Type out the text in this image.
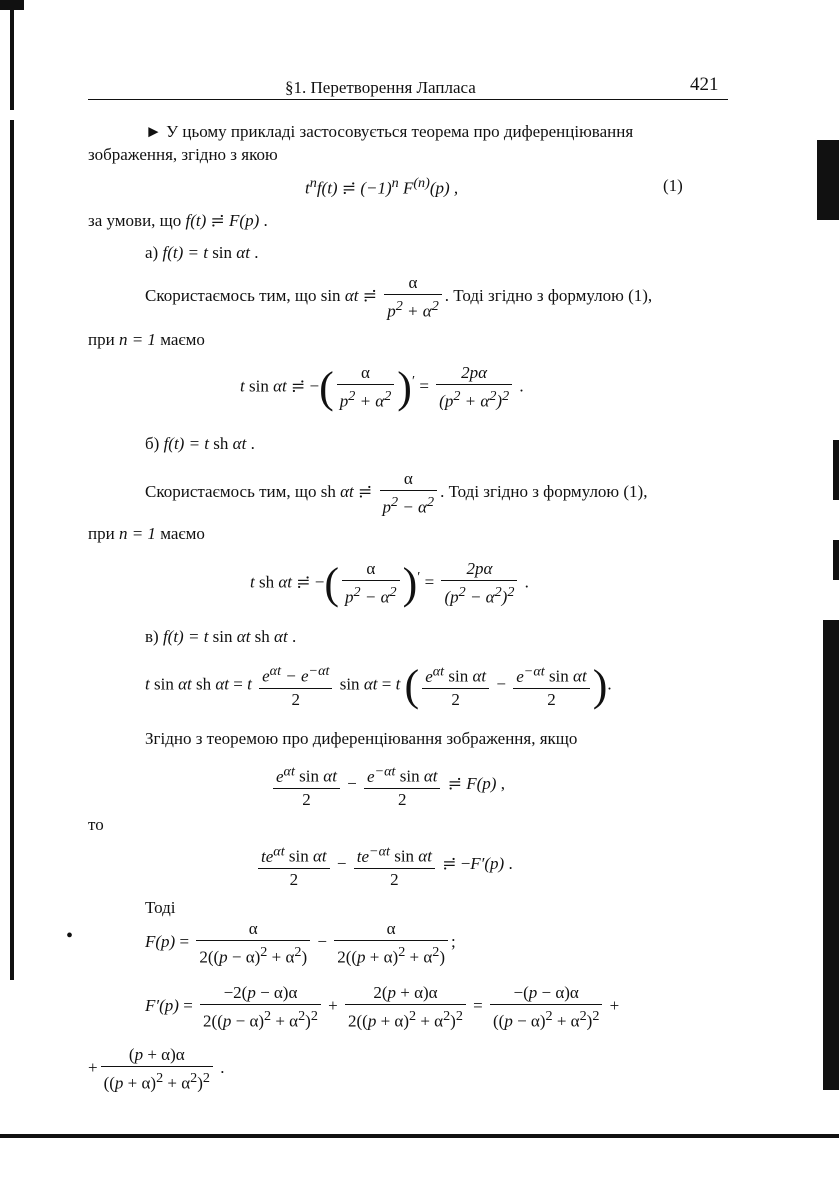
§1. Перетворення Лапласа	421
► У цьому прикладі застосовується теорема про диференціювання
зображення, згідно з якою
$t^nf(t)$ ≓ $(-1)^n$ $F^{(n)}(p)$ ,	(1)
за умови, що f(t) ≓ F(p) .
а) f(t) = t sin αt .
Скористаємось тим, що sin αt ≓ $\frac{\alpha}{p^2 + \alpha^2}$ . Тоді згідно з формулою (1),
при n = 1 маємо
t sin αt ≓ −( $\frac{\alpha}{p^2 + \alpha^2} )' = \frac{2p\alpha}{(p^2 + \alpha^2)^2}$ .
б) f(t) = t sh αt .
Скористаємось тим, що sh αt ≓ $\frac{\alpha}{p^2 - \alpha^2}$ . Тоді згідно з формулою (1),
при n = 1 маємо
t sh αt ≓ −( $\frac{\alpha}{p^2 - \alpha^2} )' = \frac{2p\alpha}{(p^2 - \alpha^2)^2}$ .
в) f(t) = t sin αt sh αt .
t sin αt sh αt = t $\frac{e^{\alpha t} - e^{-\alpha t}}{2}$ sin αt = t ( $\frac{e^{\alpha t} \sin \alpha t}{2} - \frac{e^{-\alpha t} \sin \alpha t}{2}$ ).
Згідно з теоремою про диференціювання зображення, якщо
$\frac{e^{\alpha t} \sin \alpha t}{2} - \frac{e^{-\alpha t} \sin \alpha t}{2}$ ≓ F(p) ,
то
$\frac{te^{\alpha t} \sin \alpha t}{2} - \frac{te^{-\alpha t} \sin \alpha t}{2}$ ≓ −F′(p) .
Тоді
•	$F(p) = \frac{\alpha}{2((p - \alpha)^2 + \alpha^2)} - \frac{\alpha}{2((p + \alpha)^2 + \alpha^2)}$ ;
$F'(p) = \frac{-2(p - \alpha)\alpha}{2((p - \alpha)^2 + \alpha^2)^2} + \frac{2(p + \alpha)\alpha}{2((p + \alpha)^2 + \alpha^2)^2} = \frac{-(p - \alpha)\alpha}{((p - \alpha)^2 + \alpha^2)^2}$ +
+ $\frac{(p + \alpha)\alpha}{((p + \alpha)^2 + \alpha^2)^2}$ .
